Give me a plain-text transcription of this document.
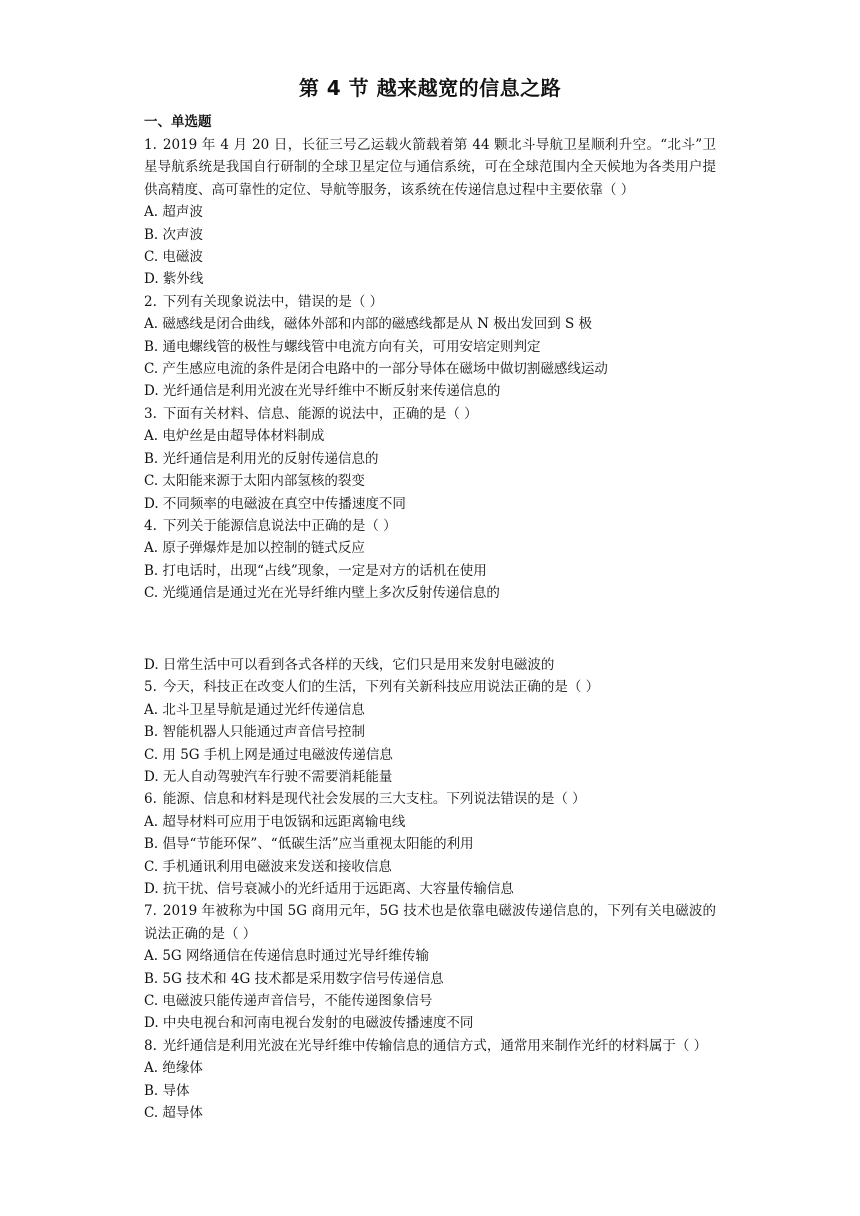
第 4 节 越来越宽的信息之路
一、单选题

1. 2019 年 4 月 20 日，长征三号乙运载火箭载着第 44 颗北斗导航卫星顺利升空。“北斗”卫星导航系统是我国自行研制的全球卫星定位与通信系统，可在全球范围内全天候地为各类用户提供高精度、高可靠性的定位、导航等服务，该系统在传递信息过程中主要依靠（ ）

A. 超声波

B. 次声波

C. 电磁波

D. 紫外线

2. 下列有关现象说法中，错误的是（ ）

A. 磁感线是闭合曲线，磁体外部和内部的磁感线都是从 N 极出发回到 S 极

B. 通电螺线管的极性与螺线管中电流方向有关，可用安培定则判定

C. 产生感应电流的条件是闭合电路中的一部分导体在磁场中做切割磁感线运动

D. 光纤通信是利用光波在光导纤维中不断反射来传递信息的

3. 下面有关材料、信息、能源的说法中，正确的是（ ）

A. 电炉丝是由超导体材料制成

B. 光纤通信是利用光的反射传递信息的

C. 太阳能来源于太阳内部氢核的裂变

D. 不同频率的电磁波在真空中传播速度不同

4. 下列关于能源信息说法中正确的是（ ）

A. 原子弹爆炸是加以控制的链式反应

B. 打电话时，出现“占线”现象，一定是对方的话机在使用

C. 光缆通信是通过光在光导纤维内壁上多次反射传递信息的

D. 日常生活中可以看到各式各样的天线，它们只是用来发射电磁波的

5. 今天，科技正在改变人们的生活，下列有关新科技应用说法正确的是（ ）

A. 北斗卫星导航是通过光纤传递信息

B. 智能机器人只能通过声音信号控制

C. 用 5G 手机上网是通过电磁波传递信息

D. 无人自动驾驶汽车行驶不需要消耗能量

6. 能源、信息和材料是现代社会发展的三大支柱。下列说法错误的是（ ）

A. 超导材料可应用于电饭锅和远距离输电线

B. 倡导“节能环保”、“低碳生活”应当重视太阳能的利用

C. 手机通讯利用电磁波来发送和接收信息

D. 抗干扰、信号衰减小的光纤适用于远距离、大容量传输信息

7. 2019 年被称为中国 5G 商用元年，5G 技术也是依靠电磁波传递信息的，下列有关电磁波的说法正确的是（ ）

A. 5G 网络通信在传递信息时通过光导纤维传输

B. 5G 技术和 4G 技术都是采用数字信号传递信息

C. 电磁波只能传递声音信号，不能传递图象信号

D. 中央电视台和河南电视台发射的电磁波传播速度不同

8. 光纤通信是利用光波在光导纤维中传输信息的通信方式，通常用来制作光纤的材料属于（ ）

A. 绝缘体

B. 导体

C. 超导体
